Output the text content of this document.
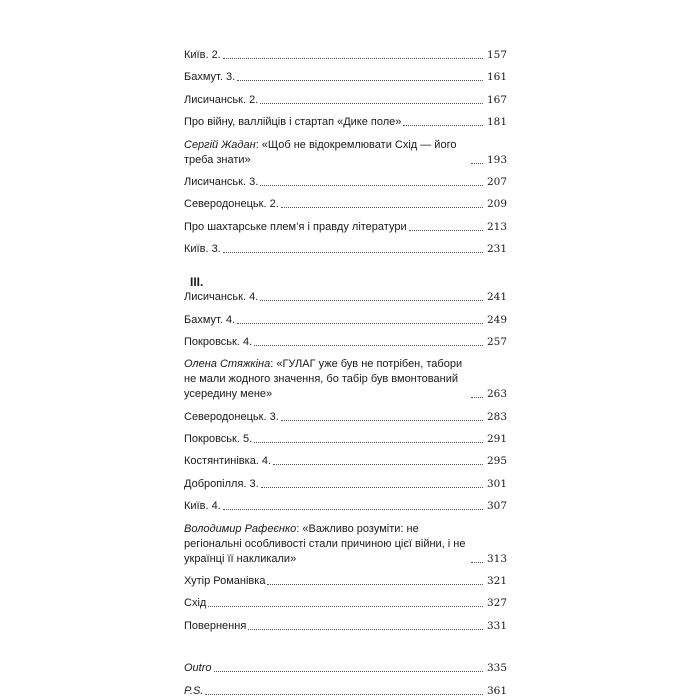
Київ. 2.	157
Бахмут. 3.	161
Лисичанськ. 2.	167
Про війну, валлійців і стартап «Дике поле»	181
Сергій Жадан: «Щоб не відокремлювати Схід — його треба знати»	193
Лисичанськ. 3.	207
Северодонецьк. 2.	209
Про шахтарське плем’я і правду літератури	213
Київ. 3.	231
III.
Лисичанськ. 4.	241
Бахмут. 4.	249
Покровськ. 4.	257
Олена Стяжкіна: «ГУЛАГ уже був не потрібен, табори не мали жодного значення, бо табір був вмонтований усередину мене»	263
Северодонецьк. 3.	283
Покровськ. 5.	291
Костянтинівка. 4.	295
Добропілля. 3.	301
Київ. 4.	307
Володимир Рафеєнко: «Важливо розуміти: не регіональні особливості стали причиною цієї війни, і не українці її накликали»	313
Хутір Романівка	321
Схід	327
Повернення	331
Outro	335
P.S.	361
